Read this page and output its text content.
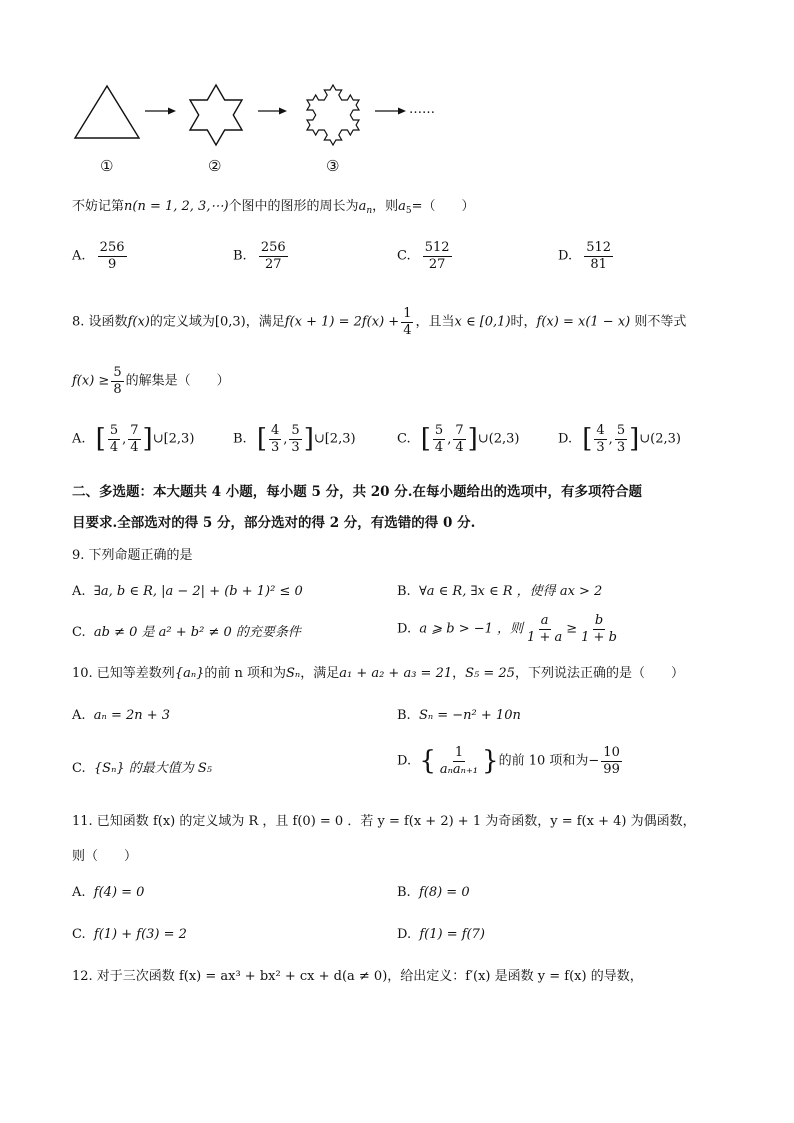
……
①	②	③
不妨记第n(n = 1, 2, 3,⋯)个图中的图形的周长为$a_n$，则$a_5=$（　　）
A. $\frac{256}{9}$	B. $\frac{256}{27}$	C. $\frac{512}{27}$	D. $\frac{512}{81}$
8. 设函数f(x)的定义域为[0,3)，满足$f(x + 1) = 2f(x) + \frac{1}{4}$ ，且当x ∈ [0,1)时，f(x) = x(1 − x) 则不等式
$f(x) \ge \frac{5}{8}$ 的解集是（　　）
A. [ $\frac{5}{4}$ , $\frac{7}{4}$ ] ∪[2,3)	B. [ $\frac{4}{3}$ , $\frac{5}{3}$ ] ∪[2,3)	C. [ $\frac{5}{4}$ , $\frac{7}{4}$ ] ∪(2,3)	D. [ $\frac{4}{3}$ , $\frac{5}{3}$ ] ∪(2,3)
二、多选题：本大题共 4 小题，每小题 5 分，共 20 分.在每小题给出的选项中，有多项符合题
目要求.全部选对的得 5 分，部分选对的得 2 分，有选错的得 0 分.
9. 下列命题正确的是
A. ∃a, b ∈ R, |a − 2| + (b + 1)² ≤ 0	B. ∀a ∈ R, ∃x ∈ R ，使得 ax > 2
C. ab ≠ 0 是 a² + b² ≠ 0 的充要条件	D. a ⩾ b > −1 ，则 $\frac{a}{1 + a} \ge \frac{b}{1 + b}$
10. 已知等差数列{aₙ}的前 n 项和为Sₙ，满足a₁ + a₂ + a₃ = 21，S₅ = 25，下列说法正确的是（　　）
A. aₙ = 2n + 3	B. Sₙ = −n² + 10n
C. {Sₙ} 的最大值为 S₅	D. { $\frac{1}{\text{aₙaₙ₊₁}}$ } 的前 10 项和为− $\frac{10}{99}$
11. 已知函数 f(x) 的定义域为 R ，且 f(0) = 0 ．若 y = f(x + 2) + 1 为奇函数，y = f(x + 4) 为偶函数，
则（　　）
A. f(4) = 0	B. f(8) = 0
C. f(1) + f(3) = 2	D. f(1) = f(7)
12. 对于三次函数 f(x) = ax³ + bx² + cx + d(a ≠ 0)，给出定义：f′(x) 是函数 y = f(x) 的导数，
